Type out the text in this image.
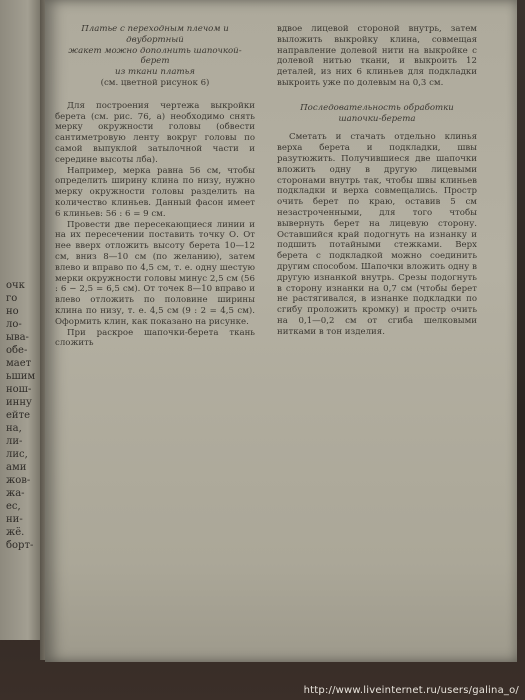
очк
го
но
ло-
ыва-
обе-
мает
ьшим
нош-
инну
ейте
на,
ли-
лис,
ами
жов-
жа-
ес,
ни-
жё.
борт-

Платье с переходным плечом и двубортный

жакет можно дополнить шапочкой-берет

из ткани платья

(см. цветной рисунок 6)

Для построения чертежа выкройки берета (см. рис. 76, а) необходимо снять мерку окружности головы (обвести сантиметровую ленту вокруг головы по самой выпуклой затылочной части и середине высоты лба).

Например, мерка равна 56 см, чтобы определить ширину клина по низу, нужно мерку окружности головы разделить на количество клиньев. Данный фасон имеет 6 клиньев: 56 : 6 = 9 см.

Провести две пересекающиеся линии и на их пересечении поставить точку О. От нее вверх отложить высоту берета 10—12 см, вниз 8—10 см (по желанию), затем влево и вправо по 4,5 см, т. е. одну шестую мерки окружности головы минус 2,5 см (56 : 6 − 2,5 = 6,5 см). От точек 8—10 вправо и влево отложить по половине ширины клина по низу, т. е. 4,5 см (9 : 2 = 4,5 см). Оформить клин, как показано на рисунке.

При раскрое шапочки-берета ткань сложить

вдвое лицевой стороной внутрь, затем выложить выкройку клина, совмещая направление долевой нити на выкройке с долевой нитью ткани, и выкроить 12 деталей, из них 6 клиньев для подкладки выкроить уже по долевым на 0,3 см.

Последовательность обработки
шапочки-берета

Сметать и стачать отдельно клинья верха берета и подкладки, швы разутюжить. Получившиеся две шапочки вложить одну в другую лицевыми сторонами внутрь так, чтобы швы клиньев подкладки и верха совмещались. Простр очить берет по краю, оставив 5 см незастроченными, для того чтобы вывернуть берет на лицевую сторону. Оставшийся край подогнуть на изнанку и подшить потайными стежками. Верх берета с подкладкой можно соединить другим способом. Шапочки вложить одну в другую изнанкой внутрь. Срезы подогнуть в сторону изнанки на 0,7 см (чтобы берет не растягивался, в изнанке подкладки по сгибу проложить кромку) и простр очить на 0,1—0,2 см от сгиба шелковыми нитками в тон изделия.

http://www.liveinternet.ru/users/galina_o/
